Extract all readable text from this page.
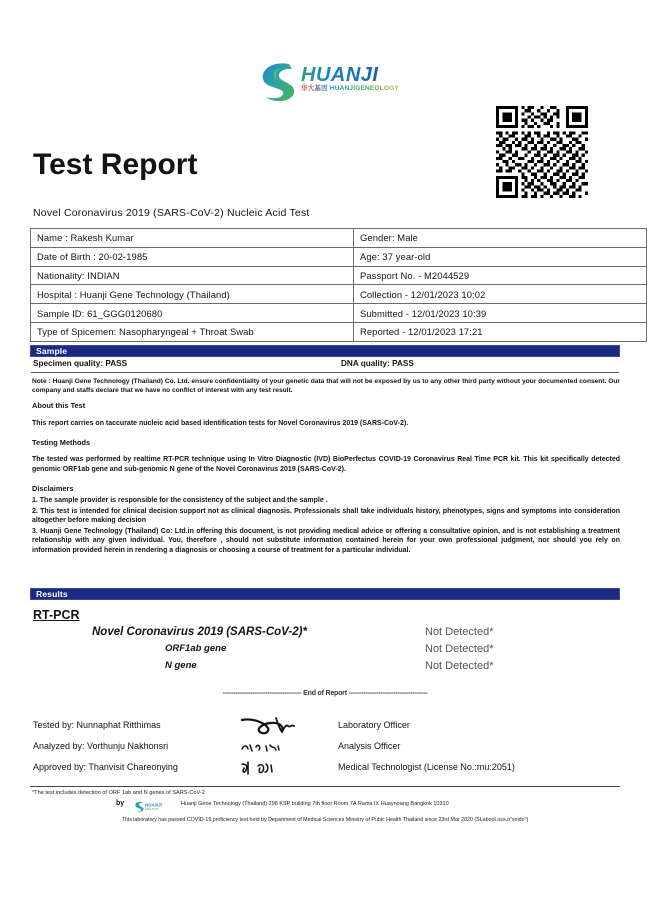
HUANJI
华大基因 HUANJIGENEOLOGY
Test Report
Novel Coronavirus 2019 (SARS-CoV-2) Nucleic Acid Test
Name : Rakesh Kumar	Gender: Male
Date of Birth : 20-02-1985	Age: 37 year-old
Nationality: INDIAN	Passport No. - M2044529
Hospital : Huanji Gene Technology (Thailand)	Collection - 12/01/2023 10:02
Sample ID: 61_GGG0120680	Submitted - 12/01/2023 10:39
Type of Spicemen: Nasopharyngeal + Throat Swab	Reported - 12/01/2023 17:21
Sample
Specimen quality: PASS	DNA quality: PASS
Note : Huanji Gene Technology (Thailand) Co. Ltd. ensure confidentiality of your genetic data that will not be exposed by us to any other third party without your documented consent. Our company and staffs declare that we have no conflict of interest with any test result.
About this Test
This report carries on taccurate nucleic acid based identification tests for Novel Coronavirus 2019 (SARS-CoV-2).
Testing Methods
The tested was performed by realtime RT-PCR technique using In Vitro Diagnostic (IVD) BioPerfectus COVID-19 Coronavirus Real Time PCR kit. This kit specifically detected genomic ORF1ab gene and sub-genomic N gene of the Novel Coronavirus 2019 (SARS-CoV-2).
Disclaimers
1. The sample provider is responsible for the consistency of the subject and the sample .
2. This test is intended for clinical decision support not as clinical diagnosis. Professionals shall take individuals history, phenotypes, signs and symptoms into consideration altogether before making decision
3. Huanji Gene Technology (Thailand) Co: Ltd.in offering this document, is not providing medical advice or offering a consultative opinion, and is not establishing a treatment relationship with any given individual. You, therefore , should not substitute information contained herein for your own professional judgment, nor should you rely on information provided herein in rendering a diagnosis or choosing a course of treatment for a particular individual.
Results
RT-PCR
Novel Coronavirus 2019 (SARS-CoV-2)*	Not Detected*
ORF1ab gene	Not Detected*
N gene	Not Detected*
------------------------------------- End of Report -------------------------------------
Tested by: Nunnaphat Ritthimas	Laboratory Officer
Analyzed by: Vorthunju Nakhonsri	Analysis Officer
Approved by: Thanvisit Chareonying	Medical Technologist (License No.:mu:2051)
*The test includes detection of ORF 1ab and N genes of SARS-CoV-2
by HUANJI
GENE TECH
Huanji Gene Technology (Thailand) 296 KSP building 7th floor Room 7A Rama IX Huaynoang Bangkok 10310
This laboratory has passed COVID-19 proficiency test held by Department of Medical Sciences Ministry of Pubic Health Thailand since 23rd Mar 2020 (SLabooLoss.o"snido")
